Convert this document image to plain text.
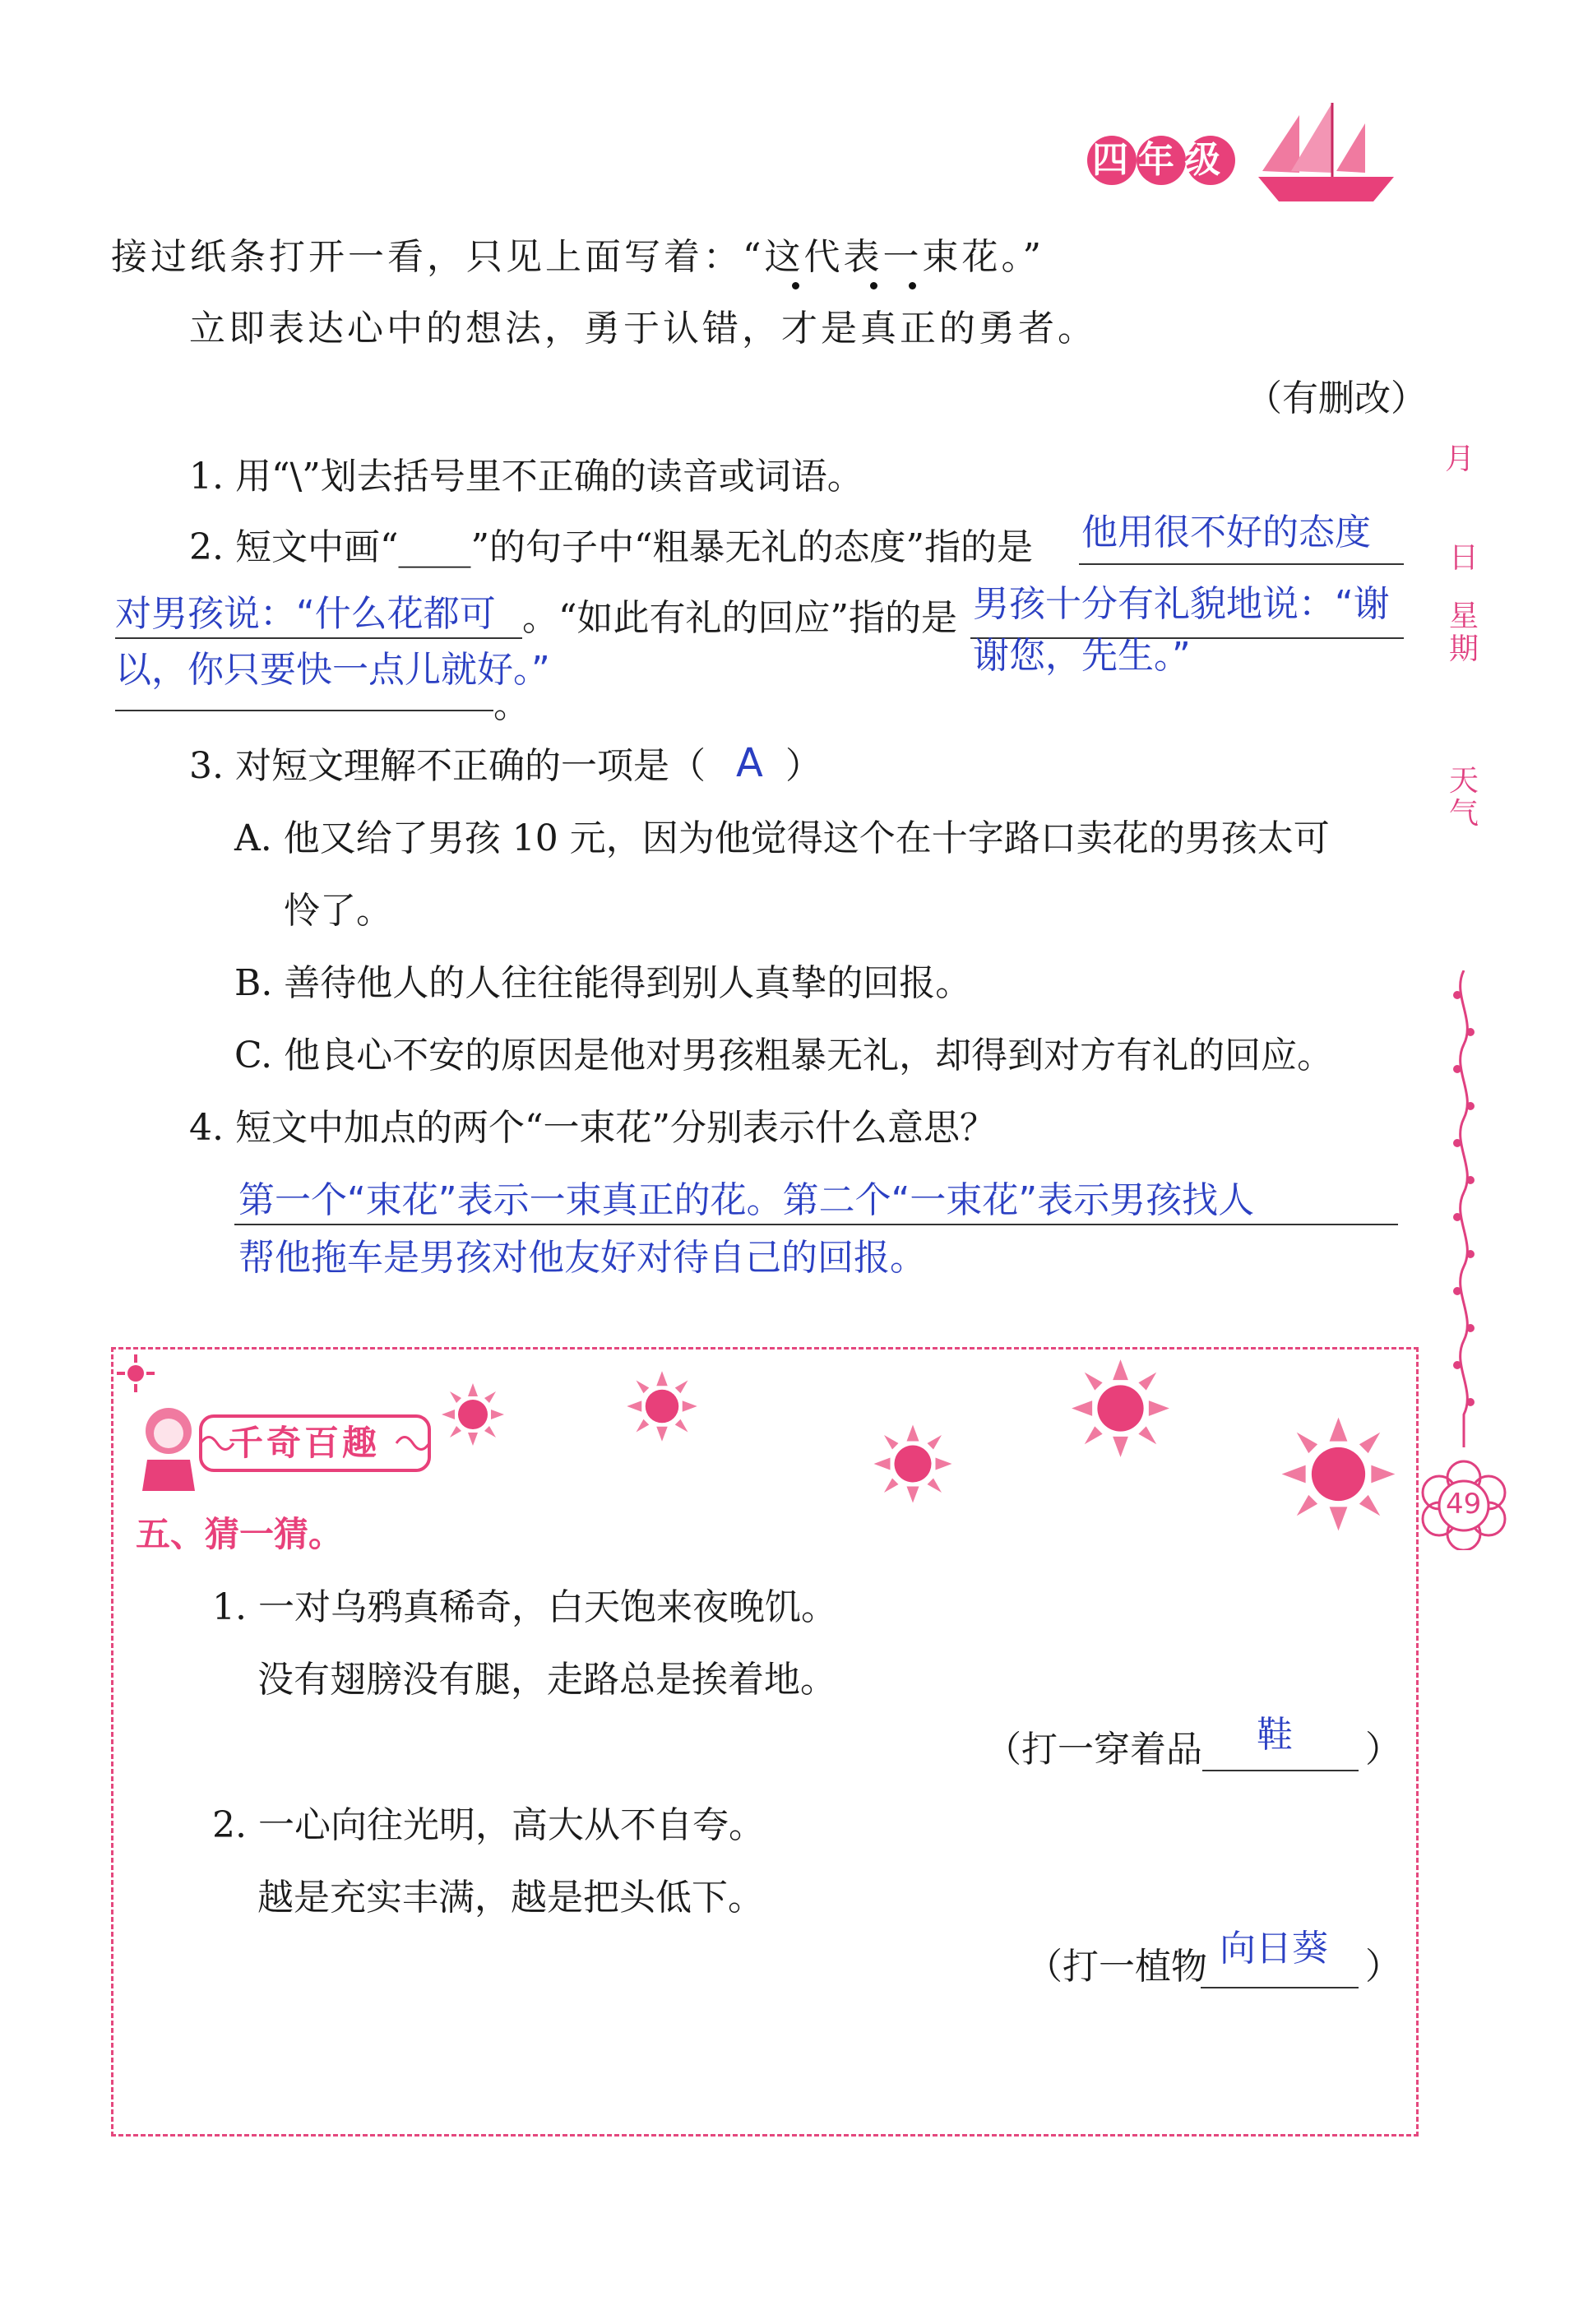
四年级
接过纸条打开一看，只见上面写着：“这代表一束花。”
立即表达心中的想法，勇于认错，才是真正的勇者。
（有删改）
1. 用“\”划去括号里不正确的读音或词语。
2. 短文中画“____”的句子中“粗暴无礼的态度”指的是 他用很不好的态度
对男孩说：“什么花都可 。“如此有礼的回应”指的是 男孩十分有礼貌地说：“谢
以，你只要快一点儿就好。”	谢您，先生。”
。
3. 对短文理解不正确的一项是（ A ）
A. 他又给了男孩 10 元，因为他觉得这个在十字路口卖花的男孩太可
怜了。
B. 善待他人的人往往能得到别人真挚的回报。
C. 他良心不安的原因是他对男孩粗暴无礼，却得到对方有礼的回应。
4. 短文中加点的两个“一束花”分别表示什么意思？
第一个“束花”表示一束真正的花。第二个“一束花”表示男孩找人
帮他拖车是男孩对他友好对待自己的回报。
月
日
星期
天气
49
千奇百趣
五、猜一猜。
1. 一对乌鸦真稀奇，白天饱来夜晚饥。
没有翅膀没有腿，走路总是挨着地。
（打一穿着品 鞋 ）
2. 一心向往光明，高大从不自夸。
越是充实丰满，越是把头低下。
（打一植物 向日葵 ）
